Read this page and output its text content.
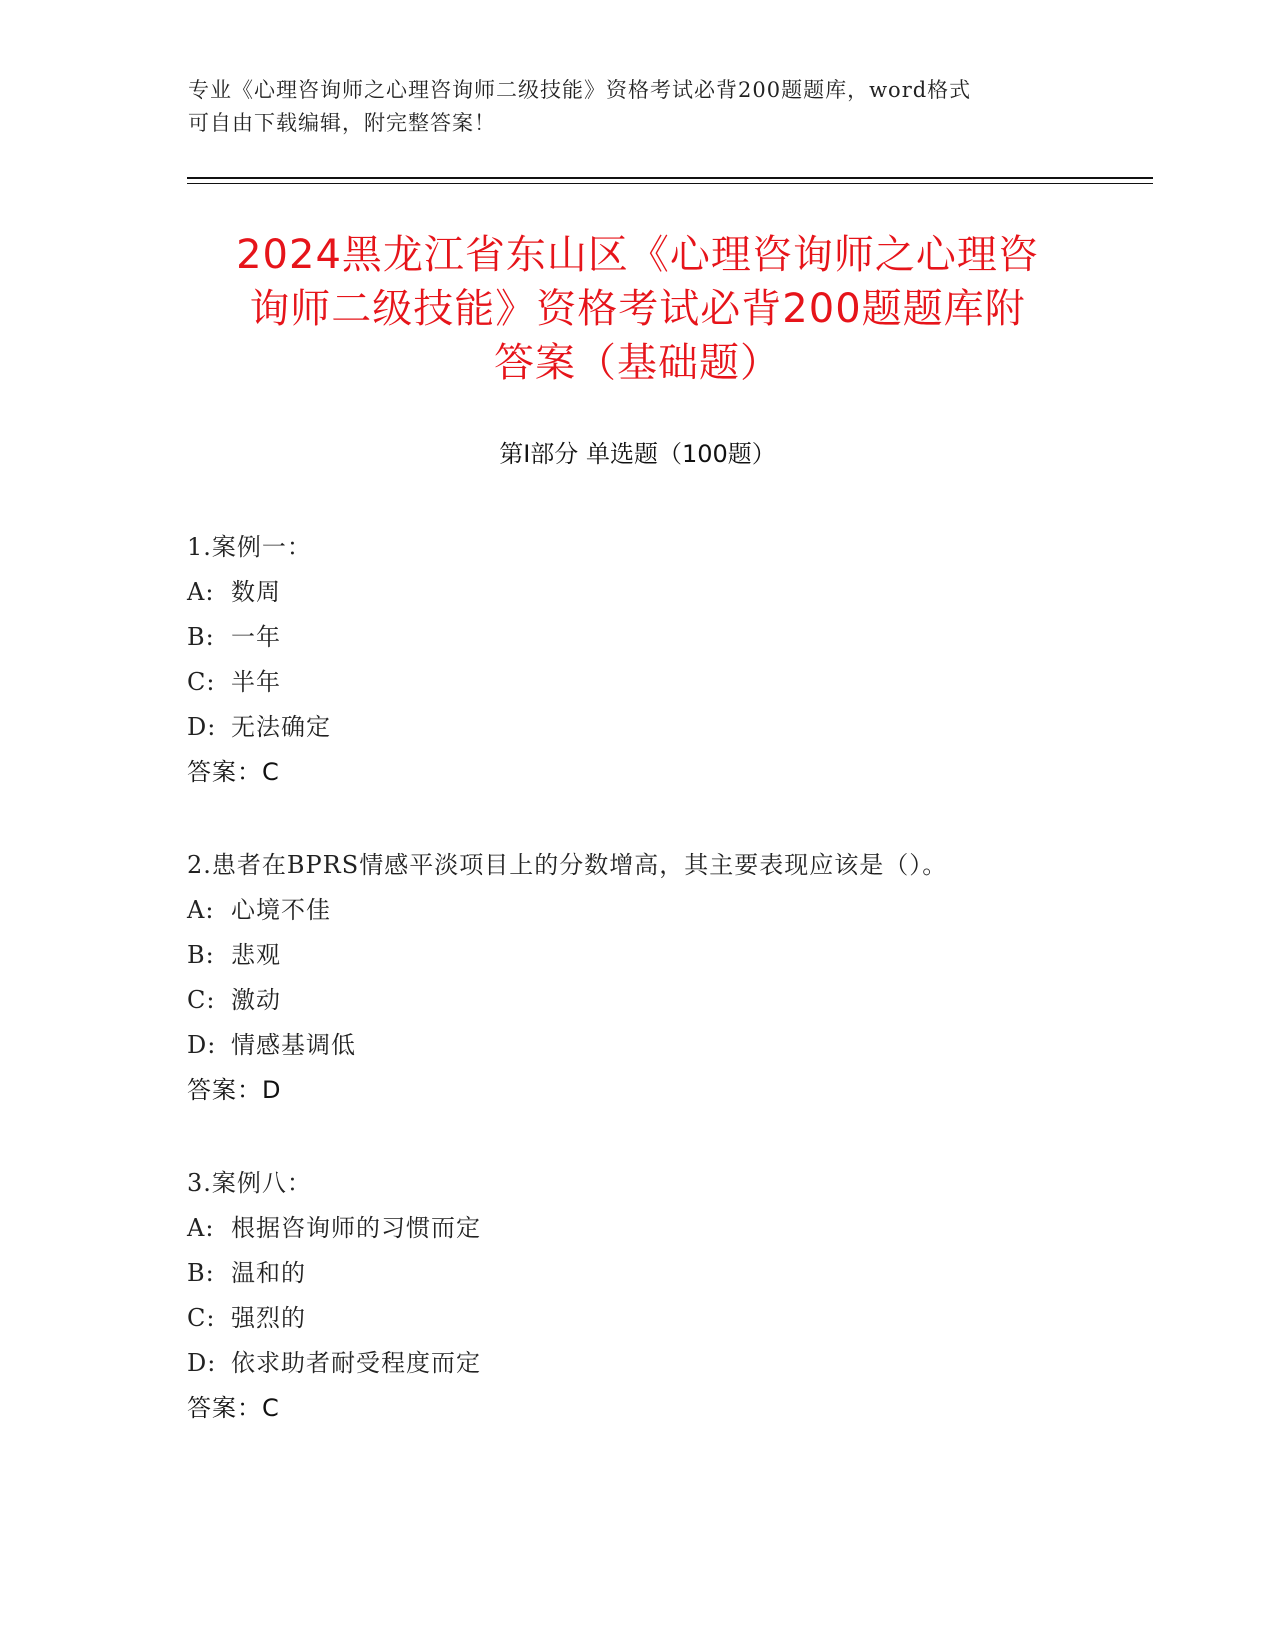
专业《心理咨询师之心理咨询师二级技能》资格考试必背200题题库，word格式
可自由下载编辑，附完整答案！
2024黑龙江省东山区《心理咨询师之心理咨
询师二级技能》资格考试必背200题题库附
答案（基础题）
第Ⅰ部分 单选题（100题）
1.案例一：
A: 数周
B: 一年
C: 半年
D: 无法确定
答案：C
2.患者在BPRS情感平淡项目上的分数增高，其主要表现应该是（）。
A: 心境不佳
B: 悲观
C: 激动
D: 情感基调低
答案：D
3.案例八：
A: 根据咨询师的习惯而定
B: 温和的
C: 强烈的
D: 依求助者耐受程度而定
答案：C
